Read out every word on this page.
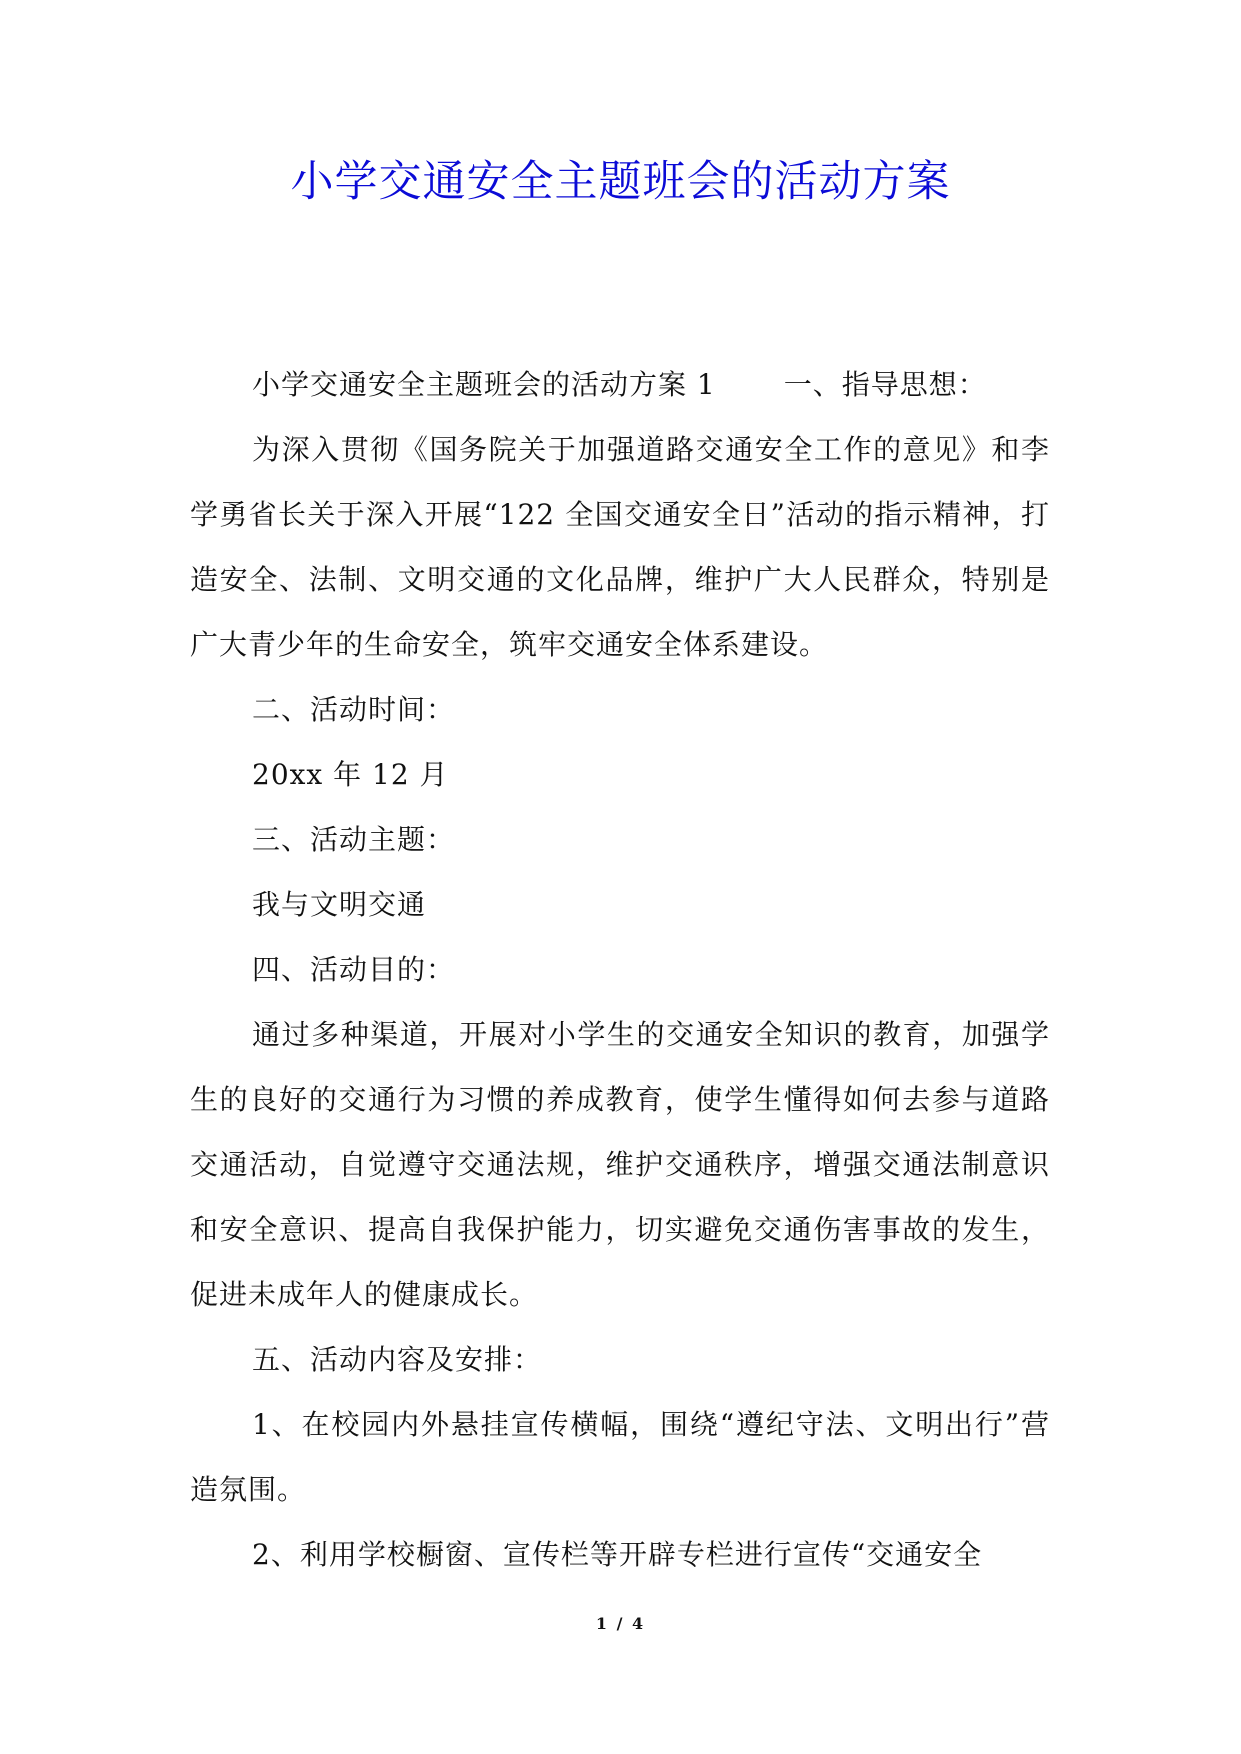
小学交通安全主题班会的活动方案

小学交通安全主题班会的活动方案 1 一、指导思想：

为深入贯彻《国务院关于加强道路交通安全工作的意见》和李学勇省长关于深入开展“122 全国交通安全日”活动的指示精神，打造安全、法制、文明交通的文化品牌，维护广大人民群众，特别是广大青少年的生命安全，筑牢交通安全体系建设。

二、活动时间：

20xx 年 12 月

三、活动主题：

我与文明交通

四、活动目的：

通过多种渠道，开展对小学生的交通安全知识的教育，加强学生的良好的交通行为习惯的养成教育，使学生懂得如何去参与道路交通活动，自觉遵守交通法规，维护交通秩序，增强交通法制意识和安全意识、提高自我保护能力，切实避免交通伤害事故的发生，促进未成年人的健康成长。

五、活动内容及安排：

1、在校园内外悬挂宣传横幅，围绕“遵纪守法、文明出行”营造氛围。

2、利用学校橱窗、宣传栏等开辟专栏进行宣传“交通安全

1 / 4
